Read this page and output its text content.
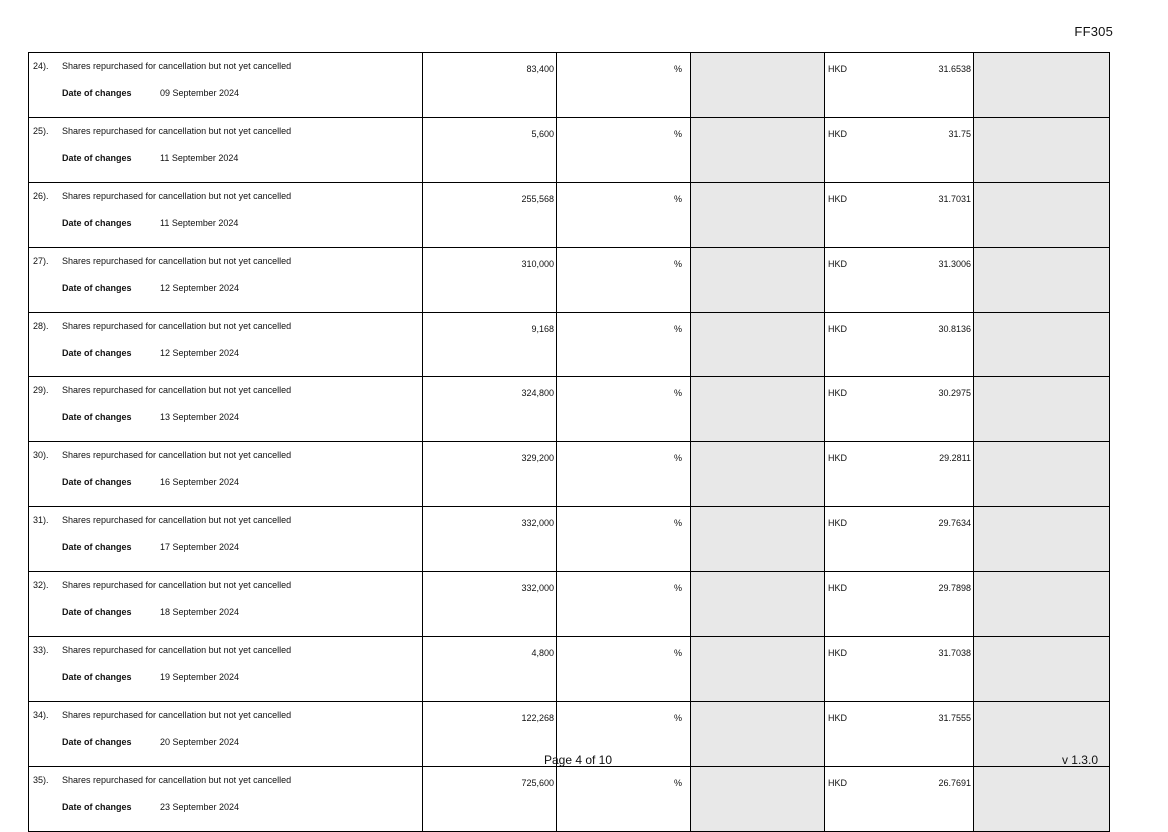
FF305
24). Shares repurchased for cancellation but not yet cancelled
Date of changes 09 September 2024	83,400	%		HKD 31.6538	

25). Shares repurchased for cancellation but not yet cancelled
Date of changes 11 September 2024	5,600	%		HKD 31.75	

26). Shares repurchased for cancellation but not yet cancelled
Date of changes 11 September 2024	255,568	%		HKD 31.7031	

27). Shares repurchased for cancellation but not yet cancelled
Date of changes 12 September 2024	310,000	%		HKD 31.3006	

28). Shares repurchased for cancellation but not yet cancelled
Date of changes 12 September 2024	9,168	%		HKD 30.8136	

29). Shares repurchased for cancellation but not yet cancelled
Date of changes 13 September 2024	324,800	%		HKD 30.2975	

30). Shares repurchased for cancellation but not yet cancelled
Date of changes 16 September 2024	329,200	%		HKD 29.2811	

31). Shares repurchased for cancellation but not yet cancelled
Date of changes 17 September 2024	332,000	%		HKD 29.7634	

32). Shares repurchased for cancellation but not yet cancelled
Date of changes 18 September 2024	332,000	%		HKD 29.7898	

33). Shares repurchased for cancellation but not yet cancelled
Date of changes 19 September 2024	4,800	%		HKD 31.7038	

34). Shares repurchased for cancellation but not yet cancelled
Date of changes 20 September 2024	122,268	%		HKD 31.7555	

35). Shares repurchased for cancellation but not yet cancelled
Date of changes 23 September 2024	725,600	%		HKD 26.7691	

Page 4 of 10	v 1.3.0
